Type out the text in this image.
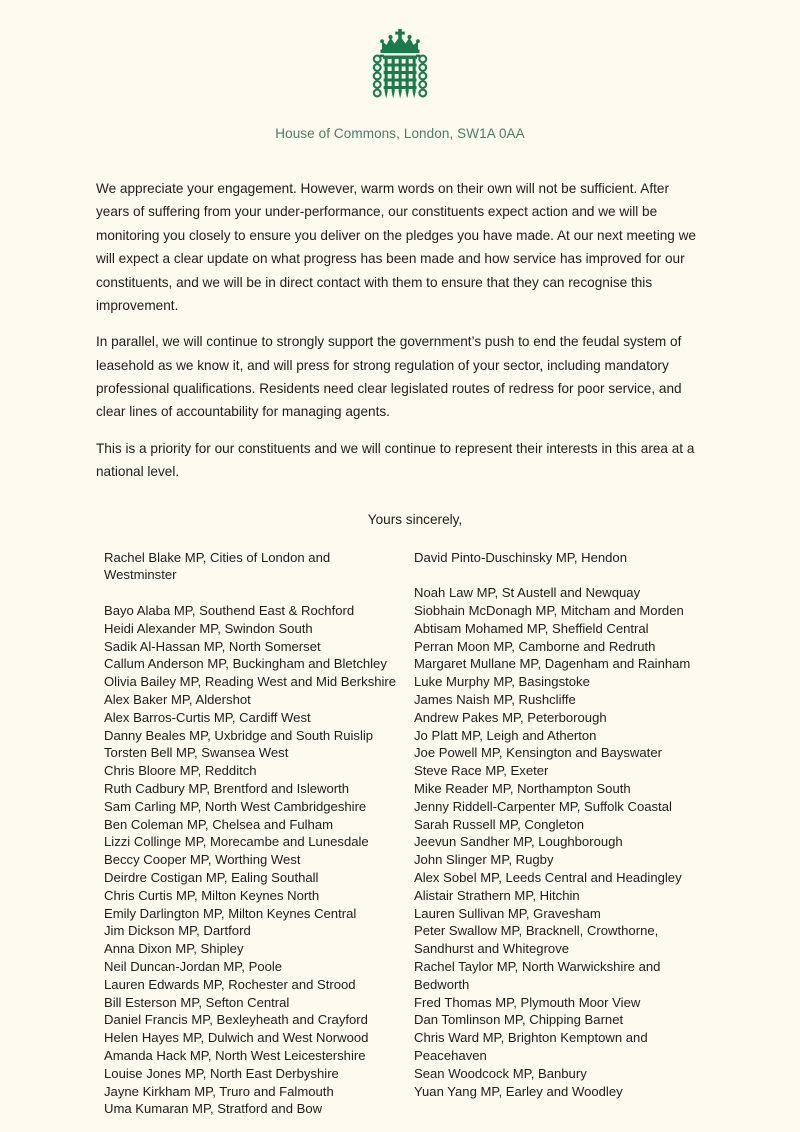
House of Commons, London, SW1A 0AA

We appreciate your engagement. However, warm words on their own will not be sufficient. After years of suffering from your under-performance, our constituents expect action and we will be monitoring you closely to ensure you deliver on the pledges you have made. At our next meeting we will expect a clear update on what progress has been made and how service has improved for our constituents, and we will be in direct contact with them to ensure that they can recognise this improvement.

In parallel, we will continue to strongly support the government’s push to end the feudal system of leasehold as we know it, and will press for strong regulation of your sector, including mandatory professional qualifications. Residents need clear legislated routes of redress for poor service, and clear lines of accountability for managing agents.

This is a priority for our constituents and we will continue to represent their interests in this area at a national level.

Yours sincerely,

Rachel Blake MP, Cities of London and Westminster
Bayo Alaba MP, Southend East & Rochford
Heidi Alexander MP, Swindon South
Sadik Al-Hassan MP, North Somerset
Callum Anderson MP, Buckingham and Bletchley
Olivia Bailey MP, Reading West and Mid Berkshire
Alex Baker MP, Aldershot
Alex Barros-Curtis MP, Cardiff West
Danny Beales MP, Uxbridge and South Ruislip
Torsten Bell MP, Swansea West
Chris Bloore MP, Redditch
Ruth Cadbury MP, Brentford and Isleworth
Sam Carling MP, North West Cambridgeshire
Ben Coleman MP, Chelsea and Fulham
Lizzi Collinge MP, Morecambe and Lunesdale
Beccy Cooper MP, Worthing West
Deirdre Costigan MP, Ealing Southall
Chris Curtis MP, Milton Keynes North
Emily Darlington MP, Milton Keynes Central
Jim Dickson MP, Dartford
Anna Dixon MP, Shipley
Neil Duncan-Jordan MP, Poole
Lauren Edwards MP, Rochester and Strood
Bill Esterson MP, Sefton Central
Daniel Francis MP, Bexleyheath and Crayford
Helen Hayes MP, Dulwich and West Norwood
Amanda Hack MP, North West Leicestershire
Louise Jones MP, North East Derbyshire
Jayne Kirkham MP, Truro and Falmouth
Uma Kumaran MP, Stratford and Bow
David Pinto-Duschinsky MP, Hendon
Noah Law MP, St Austell and Newquay
Siobhain McDonagh MP, Mitcham and Morden
Abtisam Mohamed MP, Sheffield Central
Perran Moon MP, Camborne and Redruth
Margaret Mullane MP, Dagenham and Rainham
Luke Murphy MP, Basingstoke
James Naish MP, Rushcliffe
Andrew Pakes MP, Peterborough
Jo Platt MP, Leigh and Atherton
Joe Powell MP, Kensington and Bayswater
Steve Race MP, Exeter
Mike Reader MP, Northampton South
Jenny Riddell-Carpenter MP, Suffolk Coastal
Sarah Russell MP, Congleton
Jeevun Sandher MP, Loughborough
John Slinger MP, Rugby
Alex Sobel MP, Leeds Central and Headingley
Alistair Strathern MP, Hitchin
Lauren Sullivan MP, Gravesham
Peter Swallow MP, Bracknell, Crowthorne, Sandhurst and Whitegrove
Rachel Taylor MP, North Warwickshire and Bedworth
Fred Thomas MP, Plymouth Moor View
Dan Tomlinson MP, Chipping Barnet
Chris Ward MP, Brighton Kemptown and Peacehaven
Sean Woodcock MP, Banbury
Yuan Yang MP, Earley and Woodley
